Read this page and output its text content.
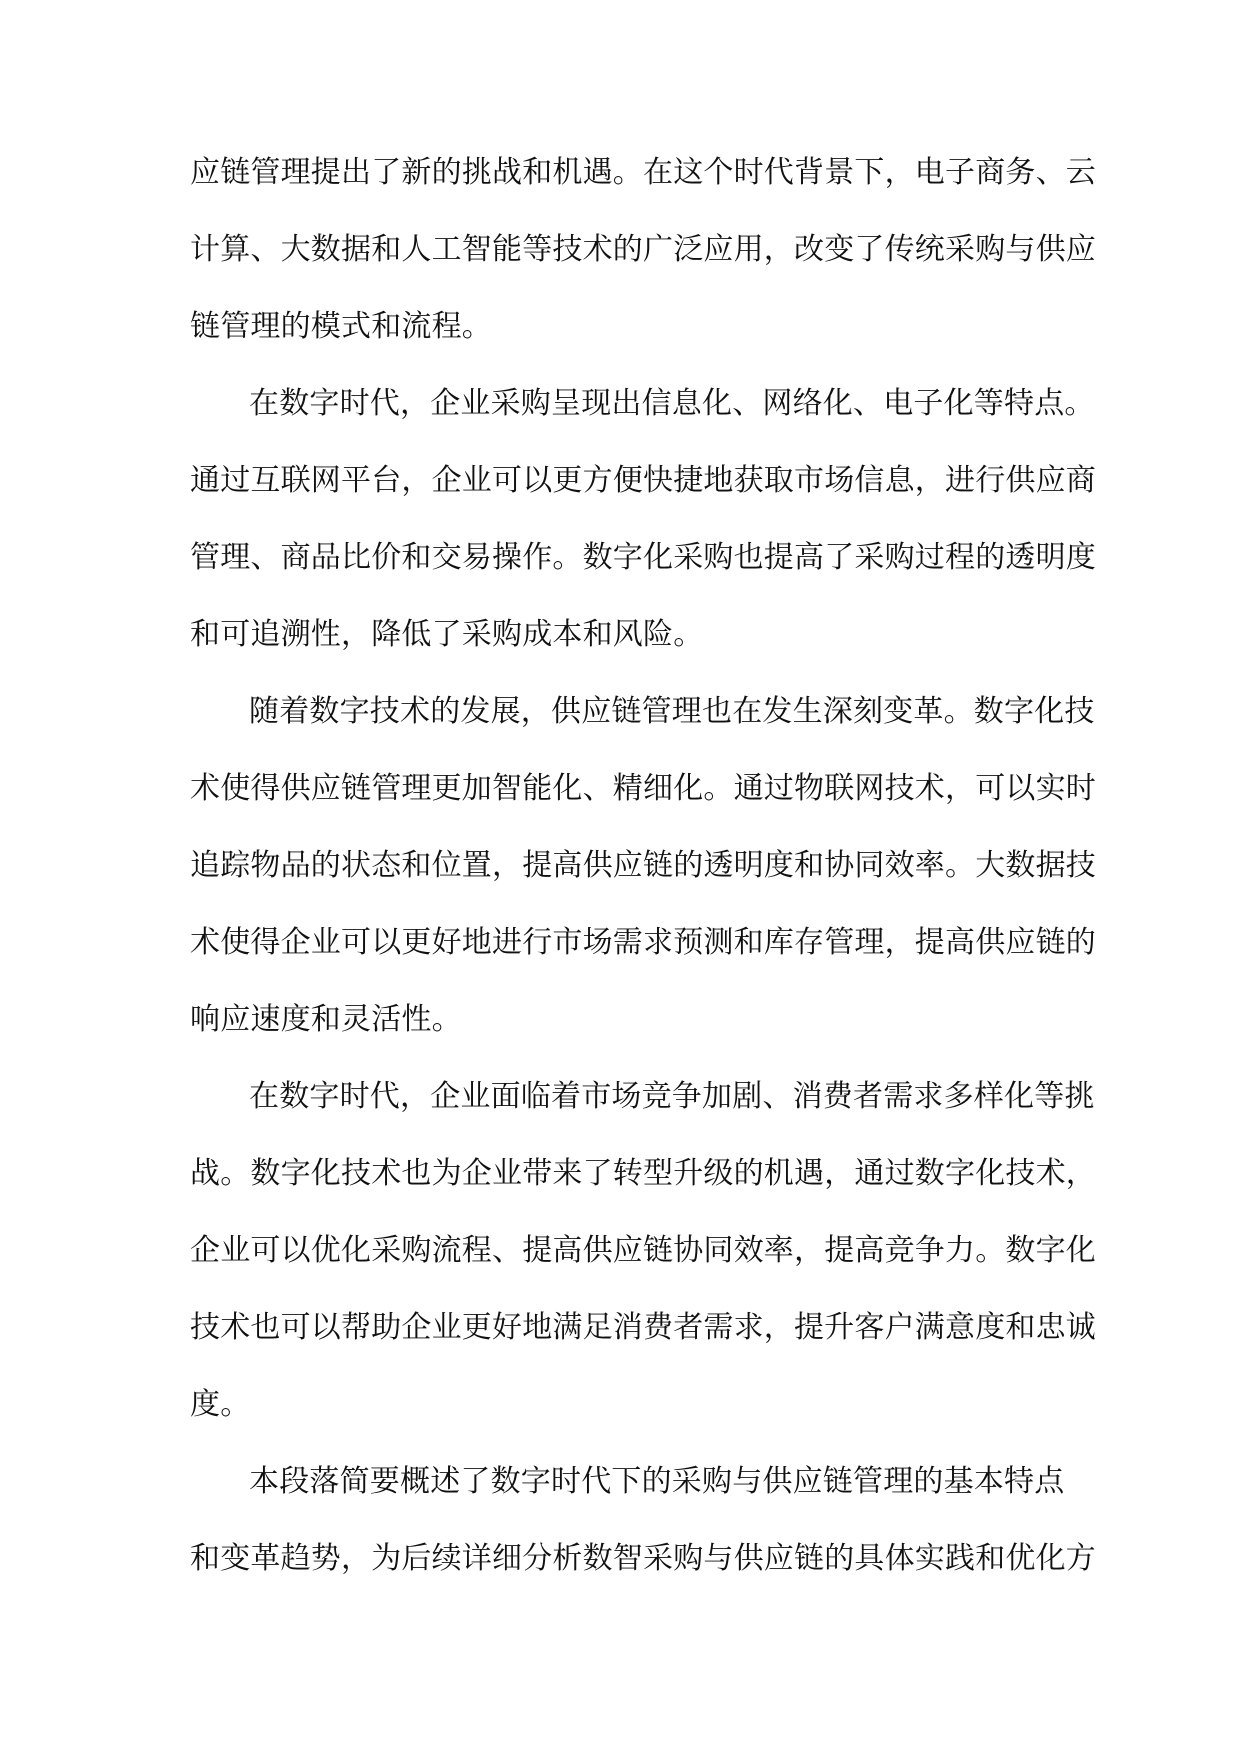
应链管理提出了新的挑战和机遇。在这个时代背景下，电子商务、云
计算、大数据和人工智能等技术的广泛应用，改变了传统采购与供应
链管理的模式和流程。
在数字时代，企业采购呈现出信息化、网络化、电子化等特点。
通过互联网平台，企业可以更方便快捷地获取市场信息，进行供应商
管理、商品比价和交易操作。数字化采购也提高了采购过程的透明度
和可追溯性，降低了采购成本和风险。
随着数字技术的发展，供应链管理也在发生深刻变革。数字化技
术使得供应链管理更加智能化、精细化。通过物联网技术，可以实时
追踪物品的状态和位置，提高供应链的透明度和协同效率。大数据技
术使得企业可以更好地进行市场需求预测和库存管理，提高供应链的
响应速度和灵活性。
在数字时代，企业面临着市场竞争加剧、消费者需求多样化等挑
战。数字化技术也为企业带来了转型升级的机遇，通过数字化技术，
企业可以优化采购流程、提高供应链协同效率，提高竞争力。数字化
技术也可以帮助企业更好地满足消费者需求，提升客户满意度和忠诚
度。
本段落简要概述了数字时代下的采购与供应链管理的基本特点
和变革趋势，为后续详细分析数智采购与供应链的具体实践和优化方
